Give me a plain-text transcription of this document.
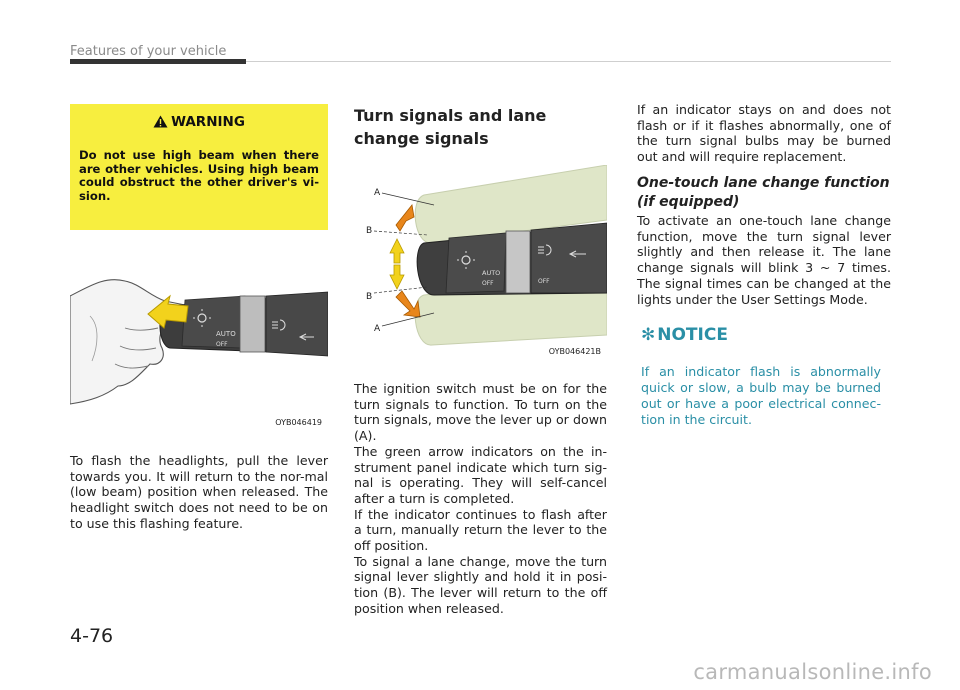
Features of your vehicle
WARNING
Do not use high beam when there are other vehicles. Using high beam could obstruct the other driver's vi-sion.
AUTO
OFF
OYB046419
To flash the headlights, pull the lever towards you. It will return to the nor-mal (low beam) position when released. The headlight switch does not need to be on to use this flashing feature.
Turn signals and lane change signals
AUTO
OFF	OFF
A
B
B
A
OYB046421B

The ignition switch must be on for the turn signals to function. To turn on the turn signals, move the lever up or down (A).

The green arrow indicators on the in-strument panel indicate which turn sig-nal is operating. They will self-cancel after a turn is completed.

If the indicator continues to flash after a turn, manually return the lever to the off position.

To signal a lane change, move the turn signal lever slightly and hold it in posi-tion (B). The lever will return to the off position when released.

If an indicator stays on and does not flash or if it flashes abnormally, one of the turn signal bulbs may be burned out and will require replacement.
One-touch lane change function (if equipped)
To activate an one-touch lane change function, move the turn signal lever slightly and then release it. The lane change signals will blink 3 ~ 7 times. The signal times can be changed at the lights under the User Settings Mode.
✻ NOTICE
If an indicator flash is abnormally quick or slow, a bulb may be burned out or have a poor electrical connec-tion in the circuit.
4-76
carmanualsonline.info
